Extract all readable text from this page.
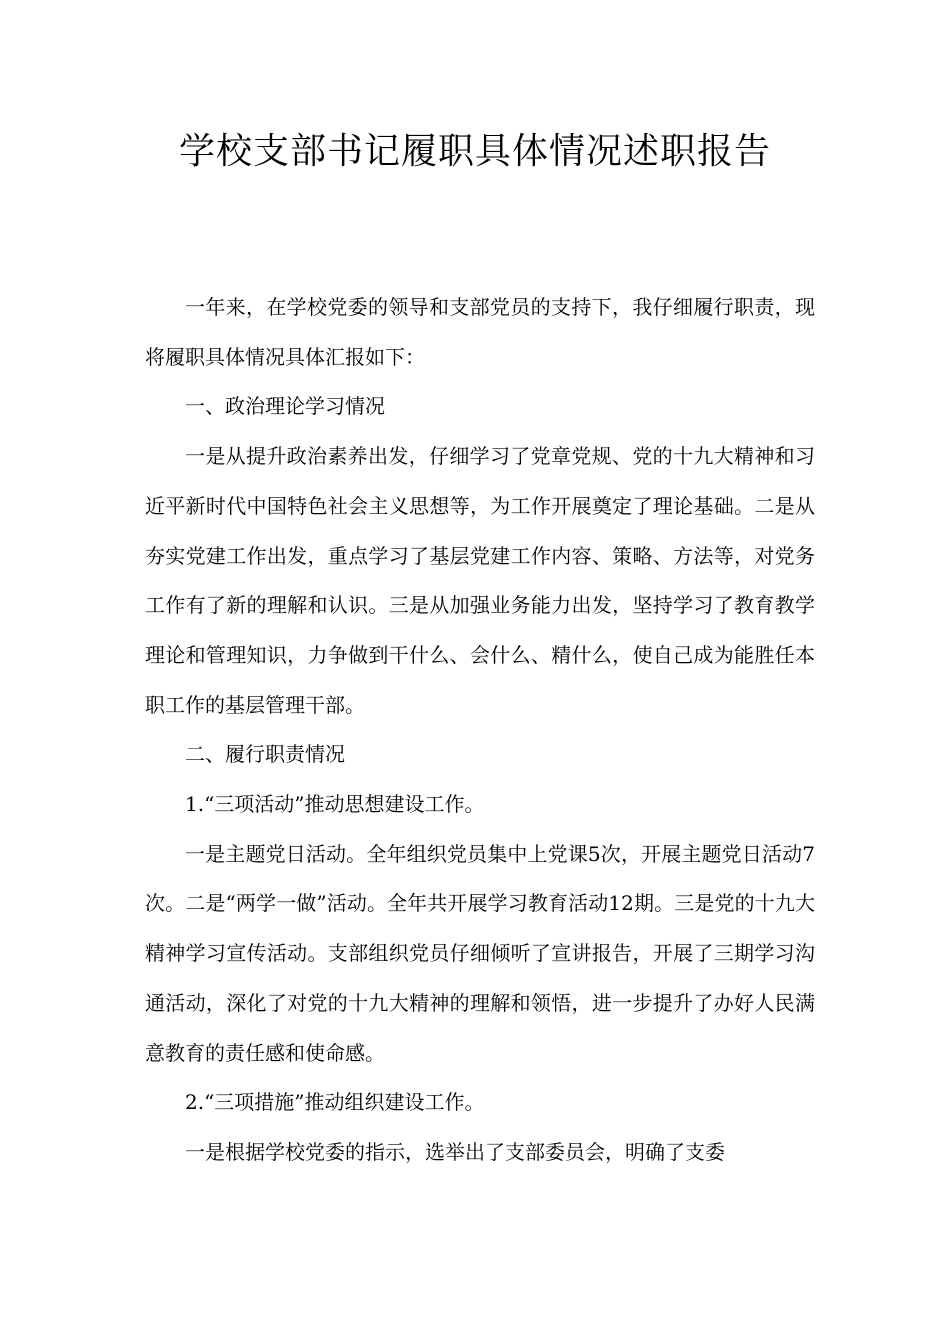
学校支部书记履职具体情况述职报告

一年来，在学校党委的领导和支部党员的支持下，我仔细履行职责，现将履职具体情况具体汇报如下：

一、政治理论学习情况

一是从提升政治素养出发，仔细学习了党章党规、党的十九大精神和习近平新时代中国特色社会主义思想等，为工作开展奠定了理论基础。二是从夯实党建工作出发，重点学习了基层党建工作内容、策略、方法等，对党务工作有了新的理解和认识。三是从加强业务能力出发，坚持学习了教育教学理论和管理知识，力争做到干什么、会什么、精什么，使自己成为能胜任本职工作的基层管理干部。

二、履行职责情况

1.“三项活动”推动思想建设工作。

一是主题党日活动。全年组织党员集中上党课5次，开展主题党日活动7次。二是“两学一做”活动。全年共开展学习教育活动12期。三是党的十九大精神学习宣传活动。支部组织党员仔细倾听了宣讲报告，开展了三期学习沟通活动，深化了对党的十九大精神的理解和领悟，进一步提升了办好人民满意教育的责任感和使命感。

2.“三项措施”推动组织建设工作。

一是根据学校党委的指示，选举出了支部委员会，明确了支委
